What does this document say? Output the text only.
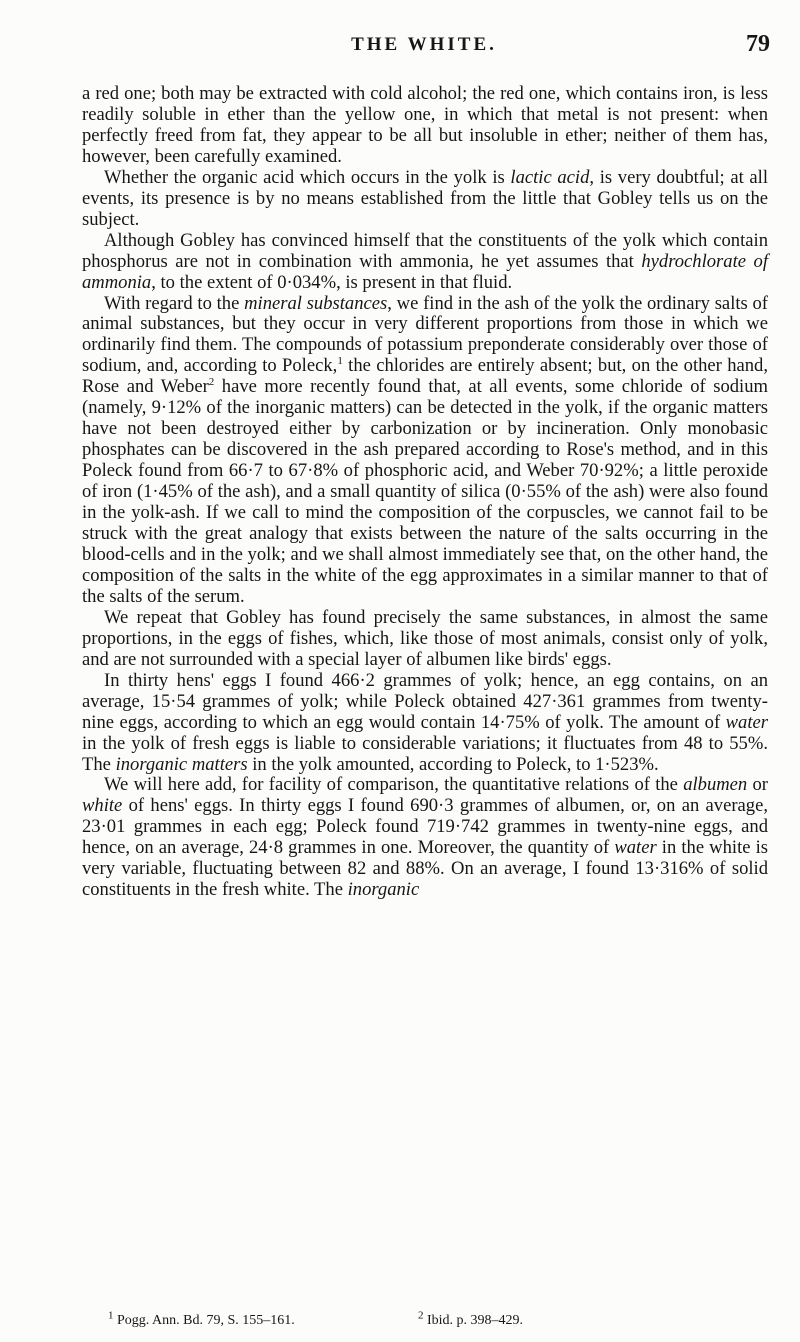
THE WHITE.	79

a red one; both may be extracted with cold alcohol; the red one, which contains iron, is less readily soluble in ether than the yellow one, in which that metal is not present: when perfectly freed from fat, they appear to be all but insoluble in ether; neither of them has, however, been carefully examined.

Whether the organic acid which occurs in the yolk is lactic acid, is very doubtful; at all events, its presence is by no means established from the little that Gobley tells us on the subject.

Although Gobley has convinced himself that the constituents of the yolk which contain phosphorus are not in combination with ammonia, he yet assumes that hydrochlorate of ammonia, to the extent of 0·034%, is present in that fluid.

With regard to the mineral substances, we find in the ash of the yolk the ordinary salts of animal substances, but they occur in very different proportions from those in which we ordinarily find them. The compounds of potassium preponderate considerably over those of sodium, and, according to Poleck,$^1$ the chlorides are entirely absent; but, on the other hand, Rose and Weber$^2$ have more recently found that, at all events, some chloride of sodium (namely, 9·12% of the inorganic matters) can be detected in the yolk, if the organic matters have not been destroyed either by carbonization or by incineration. Only monobasic phosphates can be discovered in the ash prepared according to Rose's method, and in this Poleck found from 66·7 to 67·8% of phosphoric acid, and Weber 70·92%; a little peroxide of iron (1·45% of the ash), and a small quantity of silica (0·55% of the ash) were also found in the yolk-ash. If we call to mind the composition of the corpuscles, we cannot fail to be struck with the great analogy that exists between the nature of the salts occurring in the blood-cells and in the yolk; and we shall almost immediately see that, on the other hand, the composition of the salts in the white of the egg approximates in a similar manner to that of the salts of the serum.

We repeat that Gobley has found precisely the same substances, in almost the same proportions, in the eggs of fishes, which, like those of most animals, consist only of yolk, and are not surrounded with a special layer of albumen like birds' eggs.

In thirty hens' eggs I found 466·2 grammes of yolk; hence, an egg contains, on an average, 15·54 grammes of yolk; while Poleck obtained 427·361 grammes from twenty-nine eggs, according to which an egg would contain 14·75% of yolk. The amount of water in the yolk of fresh eggs is liable to considerable variations; it fluctuates from 48 to 55%. The inorganic matters in the yolk amounted, according to Poleck, to 1·523%.

We will here add, for facility of comparison, the quantitative relations of the albumen or white of hens' eggs. In thirty eggs I found 690·3 grammes of albumen, or, on an average, 23·01 grammes in each egg; Poleck found 719·742 grammes in twenty-nine eggs, and hence, on an average, 24·8 grammes in one. Moreover, the quantity of water in the white is very variable, fluctuating between 82 and 88%. On an average, I found 13·316% of solid constituents in the fresh white. The inorganic

$^1$ Pogg. Ann. Bd. 79, S. 155–161.	$^2$ Ibid. p. 398–429.
